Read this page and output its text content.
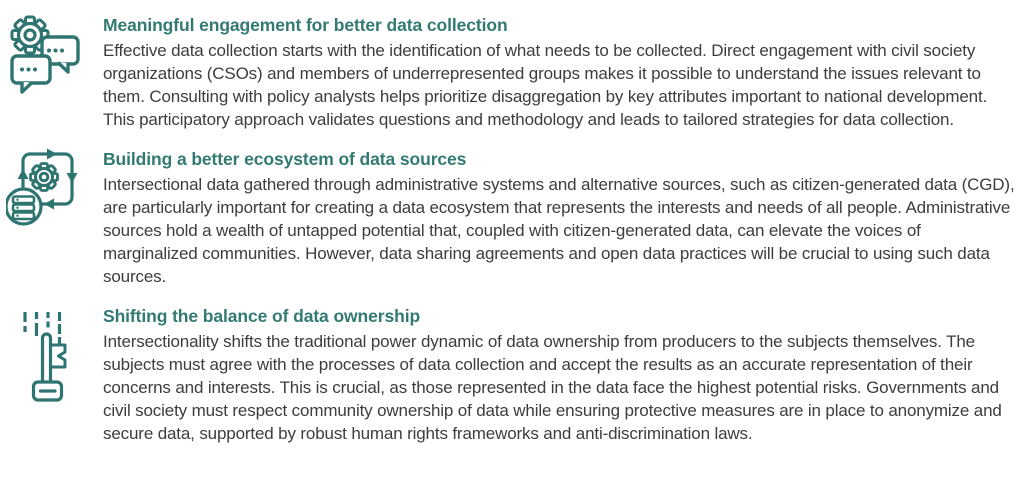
Meaningful engagement for better data collection

Effective data collection starts with the identification of what needs to be collected. Direct engagement with civil society organizations (CSOs) and members of underrepresented groups makes it possible to understand the issues relevant to them. Consulting with policy analysts helps prioritize disaggregation by key attributes important to national development. This participatory approach validates questions and methodology and leads to tailored strategies for data collection.

Building a better ecosystem of data sources

Intersectional data gathered through administrative systems and alternative sources, such as citizen-generated data (CGD), are particularly important for creating a data ecosystem that represents the interests and needs of all people. Administrative sources hold a wealth of untapped potential that, coupled with citizen-generated data, can elevate the voices of marginalized communities. However, data sharing agreements and open data practices will be crucial to using such data sources.

Shifting the balance of data ownership

Intersectionality shifts the traditional power dynamic of data ownership from producers to the subjects themselves. The subjects must agree with the processes of data collection and accept the results as an accurate representation of their concerns and interests. This is crucial, as those represented in the data face the highest potential risks. Governments and civil society must respect community ownership of data while ensuring protective measures are in place to anonymize and secure data, supported by robust human rights frameworks and anti-discrimination laws.
